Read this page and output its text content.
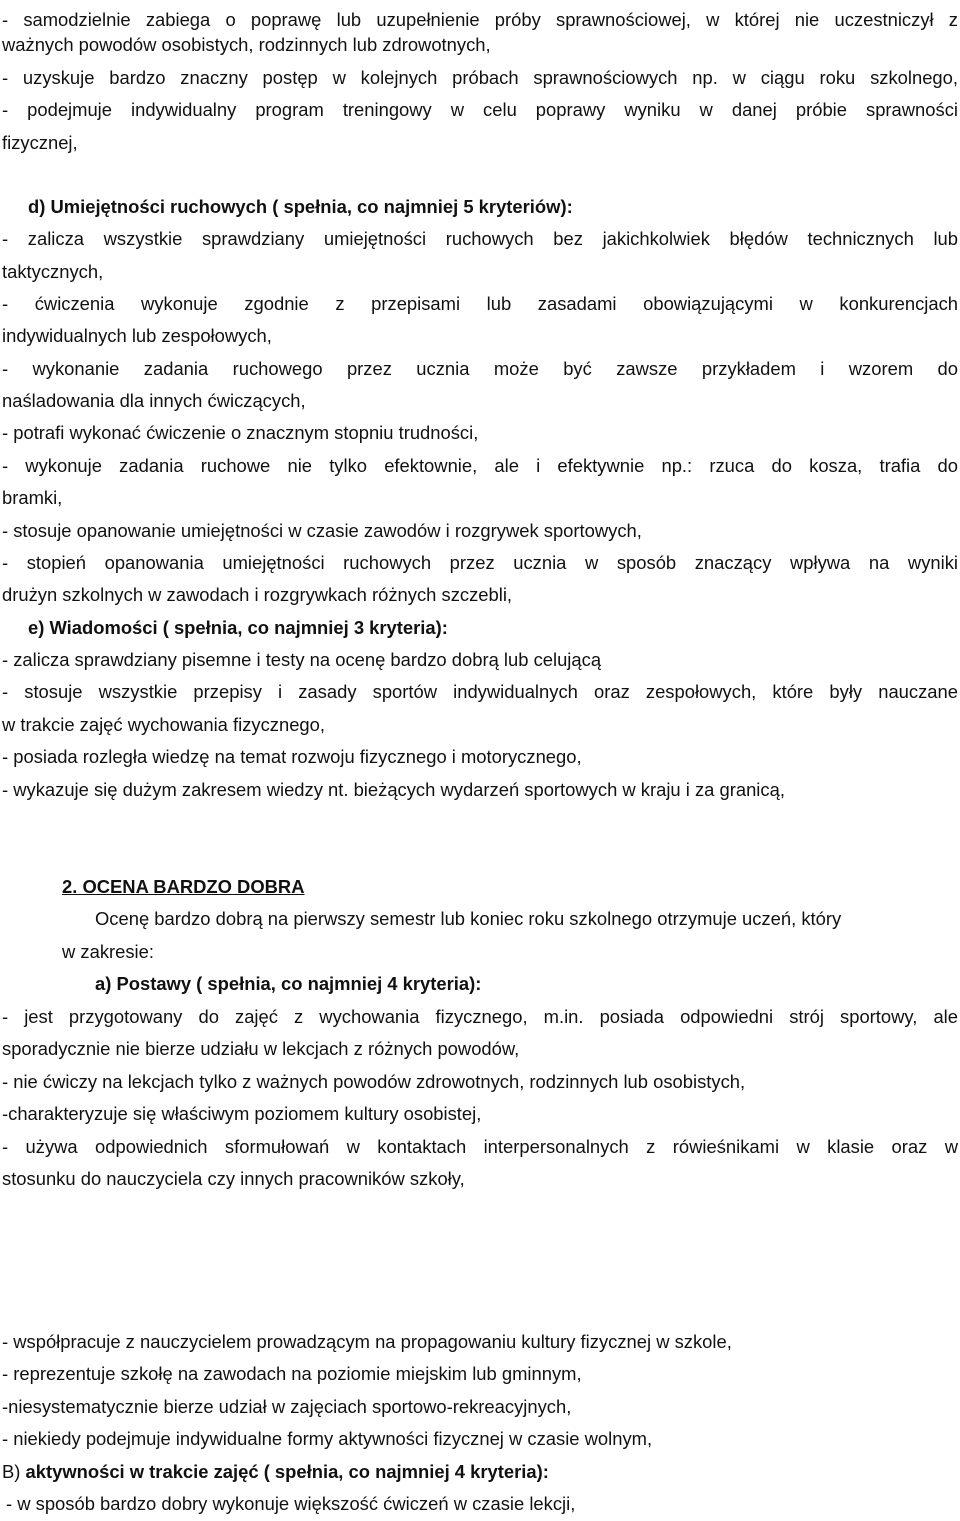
- samodzielnie zabiega o poprawę lub uzupełnienie próby sprawnościowej, w której nie uczestniczył z
ważnych powodów osobistych, rodzinnych lub zdrowotnych,
- uzyskuje bardzo znaczny postęp w kolejnych próbach sprawnościowych np. w ciągu roku szkolnego,
- podejmuje indywidualny program treningowy w celu poprawy wyniku w danej próbie sprawności
fizycznej,
d) Umiejętności ruchowych ( spełnia, co najmniej 5 kryteriów):
- zalicza wszystkie sprawdziany umiejętności ruchowych bez jakichkolwiek błędów technicznych lub
taktycznych,
- ćwiczenia wykonuje zgodnie z przepisami lub zasadami obowiązującymi w konkurencjach
indywidualnych lub zespołowych,
- wykonanie zadania ruchowego przez ucznia może być zawsze przykładem i wzorem do
naśladowania dla innych ćwiczących,
- potrafi wykonać ćwiczenie o znacznym stopniu trudności,
- wykonuje zadania ruchowe nie tylko efektownie, ale i efektywnie np.: rzuca do kosza, trafia do
bramki,
- stosuje opanowanie umiejętności w czasie zawodów i rozgrywek sportowych,
- stopień opanowania umiejętności ruchowych przez ucznia w sposób znaczący wpływa na wyniki
drużyn szkolnych w zawodach i rozgrywkach różnych szczebli,
e) Wiadomości ( spełnia, co najmniej 3 kryteria):
- zalicza sprawdziany pisemne i testy na ocenę bardzo dobrą lub celującą
- stosuje wszystkie przepisy i zasady sportów indywidualnych oraz zespołowych, które były nauczane
w trakcie zajęć wychowania fizycznego,
- posiada rozległa wiedzę na temat rozwoju fizycznego i motorycznego,
- wykazuje się dużym zakresem wiedzy nt. bieżących wydarzeń sportowych w kraju i za granicą,
2. OCENA BARDZO DOBRA
Ocenę bardzo dobrą na pierwszy semestr lub koniec roku szkolnego otrzymuje uczeń, który
w zakresie:
a) Postawy ( spełnia, co najmniej 4 kryteria):
- jest przygotowany do zajęć z wychowania fizycznego, m.in. posiada odpowiedni strój sportowy, ale
sporadycznie nie bierze udziału w lekcjach z różnych powodów,
- nie ćwiczy na lekcjach tylko z ważnych powodów zdrowotnych, rodzinnych lub osobistych,
-charakteryzuje się właściwym poziomem kultury osobistej,
- używa odpowiednich sformułowań w kontaktach interpersonalnych z rówieśnikami w klasie oraz w
stosunku do nauczyciela czy innych pracowników szkoły,
- współpracuje z nauczycielem prowadzącym na propagowaniu kultury fizycznej w szkole,
- reprezentuje szkołę na zawodach na poziomie miejskim lub gminnym,
-niesystematycznie bierze udział w zajęciach sportowo-rekreacyjnych,
- niekiedy podejmuje indywidualne formy aktywności fizycznej w czasie wolnym,
B) aktywności w trakcie zajęć ( spełnia, co najmniej 4 kryteria):
- w sposób bardzo dobry wykonuje większość ćwiczeń w czasie lekcji,
